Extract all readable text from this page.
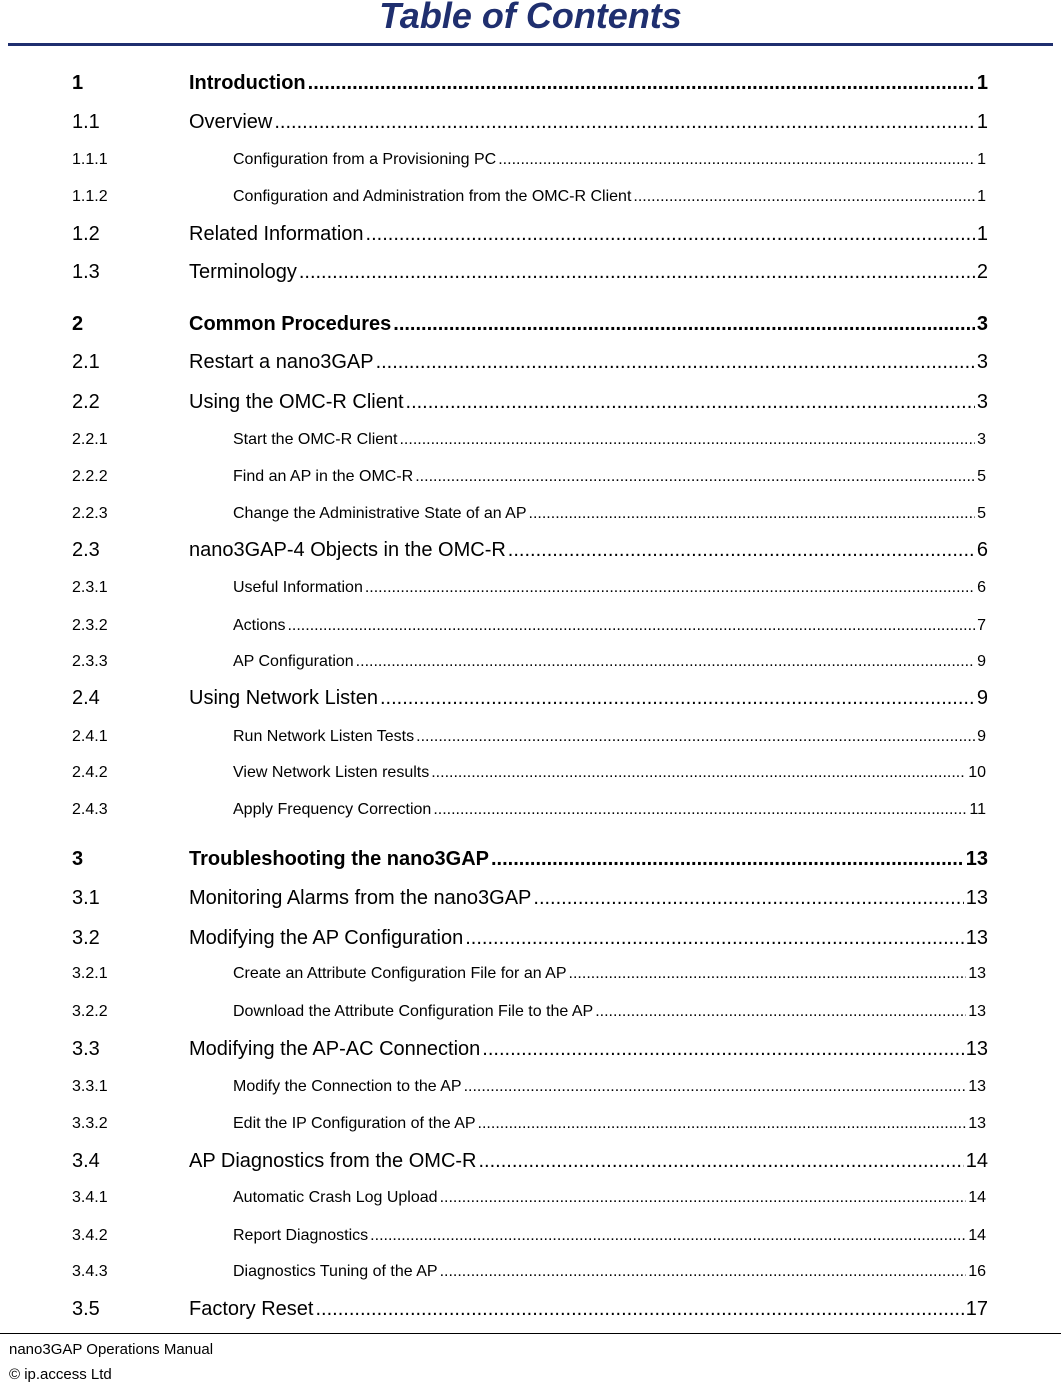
Table of Contents
1	Introduction .....	1
1.1	Overview .....	1
1.1.1	Configuration from a Provisioning PC .....	1
1.1.2	Configuration and Administration from the OMC-R Client .....	1
1.2	Related Information .....	1
1.3	Terminology .....	2
2	Common Procedures .....	3
2.1	Restart a nano3GAP .....	3
2.2	Using the OMC-R Client .....	3
2.2.1	Start the OMC-R Client .....	3
2.2.2	Find an AP in the OMC-R .....	5
2.2.3	Change the Administrative State of an AP .....	5
2.3	nano3GAP-4 Objects in the OMC-R .....	6
2.3.1	Useful Information .....	6
2.3.2	Actions .....	7
2.3.3	AP Configuration .....	9
2.4	Using Network Listen .....	9
2.4.1	Run Network Listen Tests .....	9
2.4.2	View Network Listen results .....	10
2.4.3	Apply Frequency Correction .....	11
3	Troubleshooting the nano3GAP .....	13
3.1	Monitoring Alarms from the nano3GAP .....	13
3.2	Modifying the AP Configuration .....	13
3.2.1	Create an Attribute Configuration File for an AP .....	13
3.2.2	Download the Attribute Configuration File to the AP .....	13
3.3	Modifying the AP-AC Connection .....	13
3.3.1	Modify the Connection to the AP .....	13
3.3.2	Edit the IP Configuration of the AP .....	13
3.4	AP Diagnostics from the OMC-R .....	14
3.4.1	Automatic Crash Log Upload .....	14
3.4.2	Report Diagnostics .....	14
3.4.3	Diagnostics Tuning of the AP .....	16
3.5	Factory Reset .....	17
nano3GAP Operations Manual
© ip.access Ltd
